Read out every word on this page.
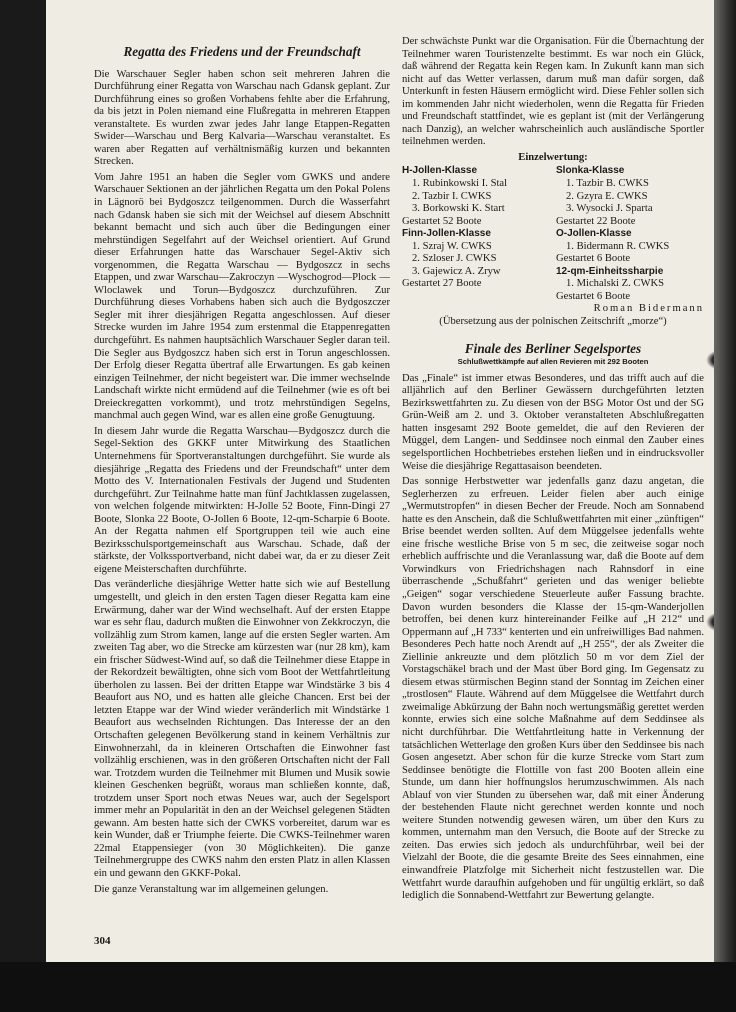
Regatta des Friedens und der Freundschaft

Die Warschauer Segler haben schon seit mehreren Jahren die Durchführung einer Regatta von Warschau nach Gdansk geplant. Zur Durchführung eines so großen Vorhabens fehlte aber die Erfahrung, da bis jetzt in Polen niemand eine Flußregatta in mehreren Etappen veranstaltete. Es wurden zwar jedes Jahr lange Etappen-Regatten Swider—Warschau und Berg Kalvaria—Warschau veranstaltet. Es waren aber Regatten auf verhältnismäßig kurzen und bekannten Strecken.

Vom Jahre 1951 an haben die Segler vom GWKS und andere Warschauer Sektionen an der jährlichen Regatta um den Pokal Polens in Lägnorö bei Bydgoszcz teilgenommen. Durch die Wasserfahrt nach Gdansk haben sie sich mit der Weichsel auf diesem Abschnitt bekannt bemacht und sich auch über die Bedingungen einer mehrstündigen Segelfahrt auf der Weichsel orientiert. Auf Grund dieser Erfahrungen hatte das Warschauer Segel-Aktiv sich vorgenommen, die Regatta Warschau — Bydgoszcz in sechs Etappen, und zwar Warschau—Zakroczyn —Wyschogrod—Plock — Wloclawek und Torun—Bydgoszcz durchzuführen. Zur Durchführung dieses Vorhabens haben sich auch die Bydgoszczer Segler mit ihrer diesjährigen Regatta angeschlossen. Auf dieser Strecke wurden im Jahre 1954 zum erstenmal die Etappenregatten durchgeführt. Es nahmen hauptsächlich Warschauer Segler daran teil. Die Segler aus Bydgoszcz haben sich erst in Torun angeschlossen. Der Erfolg dieser Regatta übertraf alle Erwartungen. Es gab keinen einzigen Teilnehmer, der nicht begeistert war. Die immer wechselnde Landschaft wirkte nicht ermüdend auf die Teilnehmer (wie es oft bei Dreieckregatten vorkommt), und trotz mehrstündigen Segelns, manchmal auch gegen Wind, war es allen eine große Genugtuung.

In diesem Jahr wurde die Regatta Warschau—Bydgoszcz durch die Segel-Sektion des GKKF unter Mitwirkung des Staatlichen Unternehmens für Sportveranstaltungen durchgeführt. Sie wurde als diesjährige „Regatta des Friedens und der Freundschaft“ unter dem Motto des V. Internationalen Festivals der Jugend und Studenten durchgeführt. Zur Teilnahme hatte man fünf Jachtklassen zugelassen, von welchen folgende mitwirkten: H-Jolle 52 Boote, Finn-Dingi 27 Boote, Slonka 22 Boote, O-Jollen 6 Boote, 12-qm-Scharpie 6 Boote. An der Regatta nahmen elf Sportgruppen teil wie auch eine Bezirksschulsportgemeinschaft aus Warschau. Schade, daß der stärkste, der Volkssportverband, nicht dabei war, da er zu dieser Zeit eigene Meisterschaften durchführte.

Das veränderliche diesjährige Wetter hatte sich wie auf Bestellung umgestellt, und gleich in den ersten Tagen dieser Regatta kam eine Erwärmung, daher war der Wind wechselhaft. Auf der ersten Etappe war es sehr flau, dadurch mußten die Einwohner von Zekkroczyn, die vollzählig zum Strom kamen, lange auf die ersten Segler warten. Am zweiten Tag aber, wo die Strecke am kürzesten war (nur 28 km), kam ein frischer Südwest-Wind auf, so daß die Teilnehmer diese Etappe in der Rekordzeit bewältigten, ohne sich vom Boot der Wettfahrtleitung überholen zu lassen. Bei der dritten Etappe war Windstärke 3 bis 4 Beaufort aus NO, und es hatten alle gleiche Chancen. Erst bei der letzten Etappe war der Wind wieder veränderlich mit Windstärke 1 Beaufort aus wechselnden Richtungen. Das Interesse der an den Ortschaften gelegenen Bevölkerung stand in keinem Verhältnis zur Einwohnerzahl, da in kleineren Ortschaften die Einwohner fast vollzählig erschienen, was in den größeren Ortschaften nicht der Fall war. Trotzdem wurden die Teilnehmer mit Blumen und Musik sowie kleinen Geschenken begrüßt, woraus man schließen konnte, daß, trotzdem unser Sport noch etwas Neues war, auch der Segelsport immer mehr an Popularität in den an der Weichsel gelegenen Städten gewann. Am besten hatte sich der CWKS vorbereitet, darum war es kein Wunder, daß er Triumphe feierte. Die CWKS-Teilnehmer waren 22mal Etappensieger (von 30 Möglichkeiten). Die ganze Teilnehmergruppe des CWKS nahm den ersten Platz in allen Klassen ein und gewann den GKKF-Pokal.

Die ganze Veranstaltung war im allgemeinen gelungen.

Der schwächste Punkt war die Organisation. Für die Übernachtung der Teilnehmer waren Touristenzelte bestimmt. Es war noch ein Glück, daß während der Regatta kein Regen kam. In Zukunft kann man sich nicht auf das Wetter verlassen, darum muß man dafür sorgen, daß Unterkunft in festen Häusern ermöglicht wird. Diese Fehler sollen sich im kommenden Jahr nicht wiederholen, wenn die Regatta für Frieden und Freundschaft stattfindet, wie es geplant ist (mit der Verlängerung nach Danzig), an welcher wahrscheinlich auch ausländische Sportler teilnehmen werden.

Einzelwertung:
H-Jollen-Klasse
1. Rubinkowski I. Stal
2. Tazbir I. CWKS
3. Borkowski K. Start
Gestartet 52 Boote
Finn-Jollen-Klasse
1. Szraj W. CWKS
2. Szloser J. CWKS
3. Gajewicz A. Zryw
Gestartet 27 Boote
Slonka-Klasse
1. Tazbir B. CWKS
2. Gzyra E. CWKS
3. Wysocki J. Sparta
Gestartet 22 Boote
O-Jollen-Klasse
1. Bidermann R. CWKS
Gestartet 6 Boote
12-qm-Einheitssharpie
1. Michalski Z. CWKS
Gestartet 6 Boote
Roman Bidermann
(Übersetzung aus der polnischen Zeitschrift „morze“)
Finale des Berliner Segelsportes
Schlußwettkämpfe auf allen Revieren mit 292 Booten

Das „Finale“ ist immer etwas Besonderes, und das trifft auch auf die alljährlich auf den Berliner Gewässern durchgeführten letzten Bezirkswettfahrten zu. Zu diesen von der BSG Motor Ost und der SG Grün-Weiß am 2. und 3. Oktober veranstalteten Abschlußregatten hatten insgesamt 292 Boote gemeldet, die auf den Revieren der Müggel, dem Langen- und Seddinsee noch einmal den Zauber eines segelsportlichen Hochbetriebes erstehen ließen und in eindrucksvoller Weise die diesjährige Regattasaison beendeten.

Das sonnige Herbstwetter war jedenfalls ganz dazu angetan, die Seglerherzen zu erfreuen. Leider fielen aber auch einige „Wermutstropfen“ in diesen Becher der Freude. Noch am Sonnabend hatte es den Anschein, daß die Schlußwettfahrten mit einer „zünftigen“ Brise beendet werden sollten. Auf dem Müggelsee jedenfalls wehte eine frische westliche Brise von 5 m sec, die zeitweise sogar noch erheblich auffrischte und die Veranlassung war, daß die Boote auf dem Vorwindkurs von Friedrichshagen nach Rahnsdorf in eine überraschende „Schußfahrt“ gerieten und das weniger beliebte „Geigen“ sogar verschiedene Steuerleute außer Fassung brachte. Davon wurden besonders die Klasse der 15-qm-Wanderjollen betroffen, bei denen kurz hintereinander Feilke auf „H 212“ und Oppermann auf „H 733“ kenterten und ein unfreiwilliges Bad nahmen. Besonderes Pech hatte noch Arendt auf „H 255“, der als Zweiter die Ziellinie ankreuzte und dem plötzlich 50 m vor dem Ziel der Vorstagschäkel brach und der Mast über Bord ging. Im Gegensatz zu diesem etwas stürmischen Beginn stand der Sonntag im Zeichen einer „trostlosen“ Flaute. Während auf dem Müggelsee die Wettfahrt durch zweimalige Abkürzung der Bahn noch wertungsmäßig gerettet werden konnte, erwies sich eine solche Maßnahme auf dem Seddinsee als nicht durchführbar. Die Wettfahrtleitung hatte in Verkennung der tatsächlichen Wetterlage den großen Kurs über den Seddinsee bis nach Gosen angesetzt. Aber schon für die kurze Strecke vom Start zum Seddinsee benötigte die Flottille von fast 200 Booten allein eine Stunde, um dann hier hoffnungslos herumzuschwimmen. Als nach Ablauf von vier Stunden zu übersehen war, daß mit einer Änderung der bestehenden Flaute nicht gerechnet werden konnte und noch weitere Stunden notwendig gewesen wären, um über den Kurs zu kommen, unternahm man den Versuch, die Boote auf der Strecke zu zeiten. Das erwies sich jedoch als undurchführbar, weil bei der Vielzahl der Boote, die die gesamte Breite des Sees einnahmen, eine einwandfreie Platzfolge mit Sicherheit nicht festzustellen war. Die Wettfahrt wurde daraufhin aufgehoben und für ungültig erklärt, so daß lediglich die Sonnabend-Wettfahrt zur Bewertung gelangte.

304
